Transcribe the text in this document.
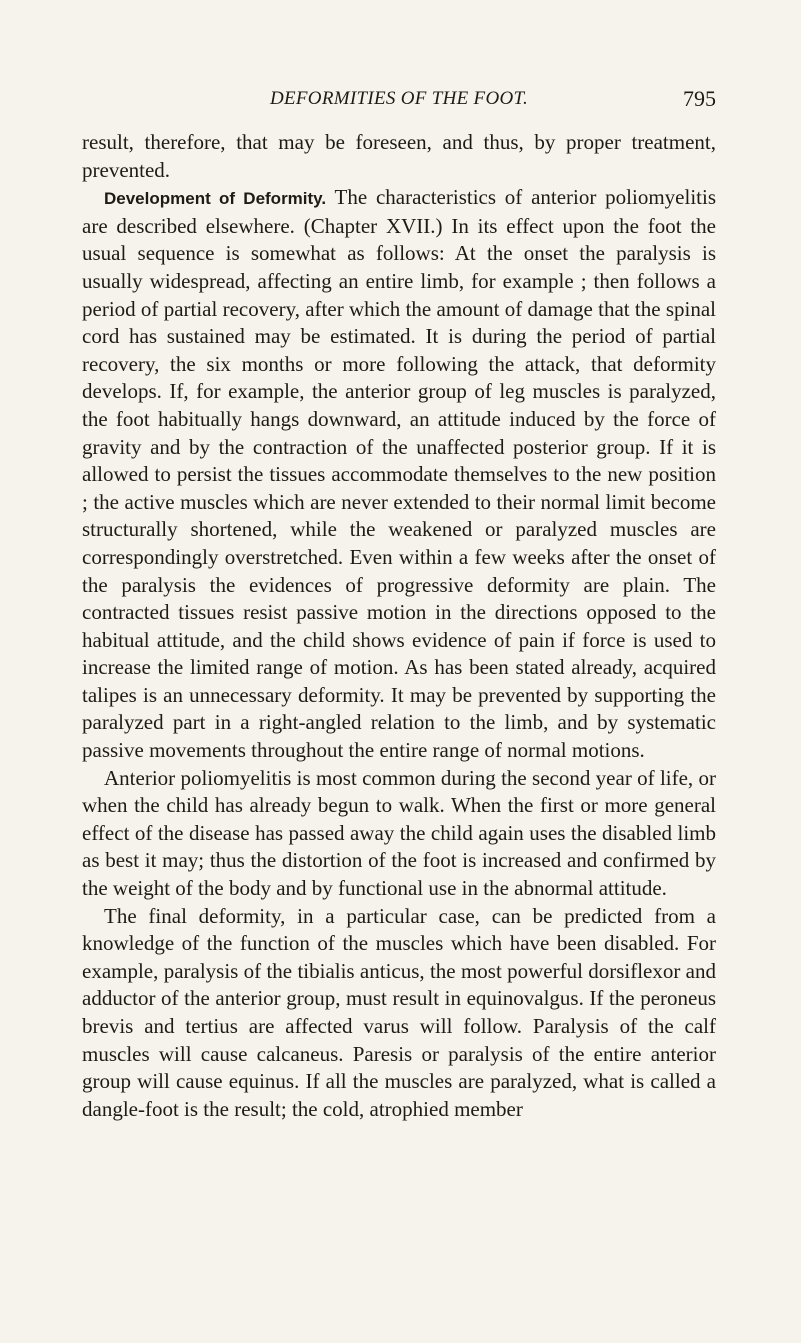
DEFORMITIES OF THE FOOT.	795

result, therefore, that may be foreseen, and thus, by proper treatment, prevented.

Development of Deformity. The characteristics of anterior poliomyelitis are described elsewhere. (Chapter XVII.) In its effect upon the foot the usual sequence is somewhat as follows: At the onset the paralysis is usually widespread, affecting an entire limb, for example ; then follows a period of partial recovery, after which the amount of damage that the spinal cord has sustained may be estimated. It is during the period of partial recovery, the six months or more following the attack, that deformity develops. If, for example, the anterior group of leg muscles is paralyzed, the foot habitually hangs downward, an attitude induced by the force of gravity and by the contraction of the unaffected posterior group. If it is allowed to persist the tissues accommodate themselves to the new position ; the active muscles which are never extended to their normal limit become structurally shortened, while the weakened or paralyzed muscles are correspondingly overstretched. Even within a few weeks after the onset of the paralysis the evidences of progressive deformity are plain. The contracted tissues resist passive motion in the directions opposed to the habitual attitude, and the child shows evidence of pain if force is used to increase the limited range of motion. As has been stated already, acquired talipes is an unnecessary deformity. It may be prevented by supporting the paralyzed part in a right-angled relation to the limb, and by systematic passive movements throughout the entire range of normal motions.

Anterior poliomyelitis is most common during the second year of life, or when the child has already begun to walk. When the first or more general effect of the disease has passed away the child again uses the disabled limb as best it may; thus the distortion of the foot is increased and confirmed by the weight of the body and by functional use in the abnormal attitude.

The final deformity, in a particular case, can be predicted from a knowledge of the function of the muscles which have been disabled. For example, paralysis of the tibialis anticus, the most powerful dorsiflexor and adductor of the anterior group, must result in equinovalgus. If the peroneus brevis and tertius are affected varus will follow. Paralysis of the calf muscles will cause calcaneus. Paresis or paralysis of the entire anterior group will cause equinus. If all the muscles are paralyzed, what is called a dangle-foot is the result; the cold, atrophied member
